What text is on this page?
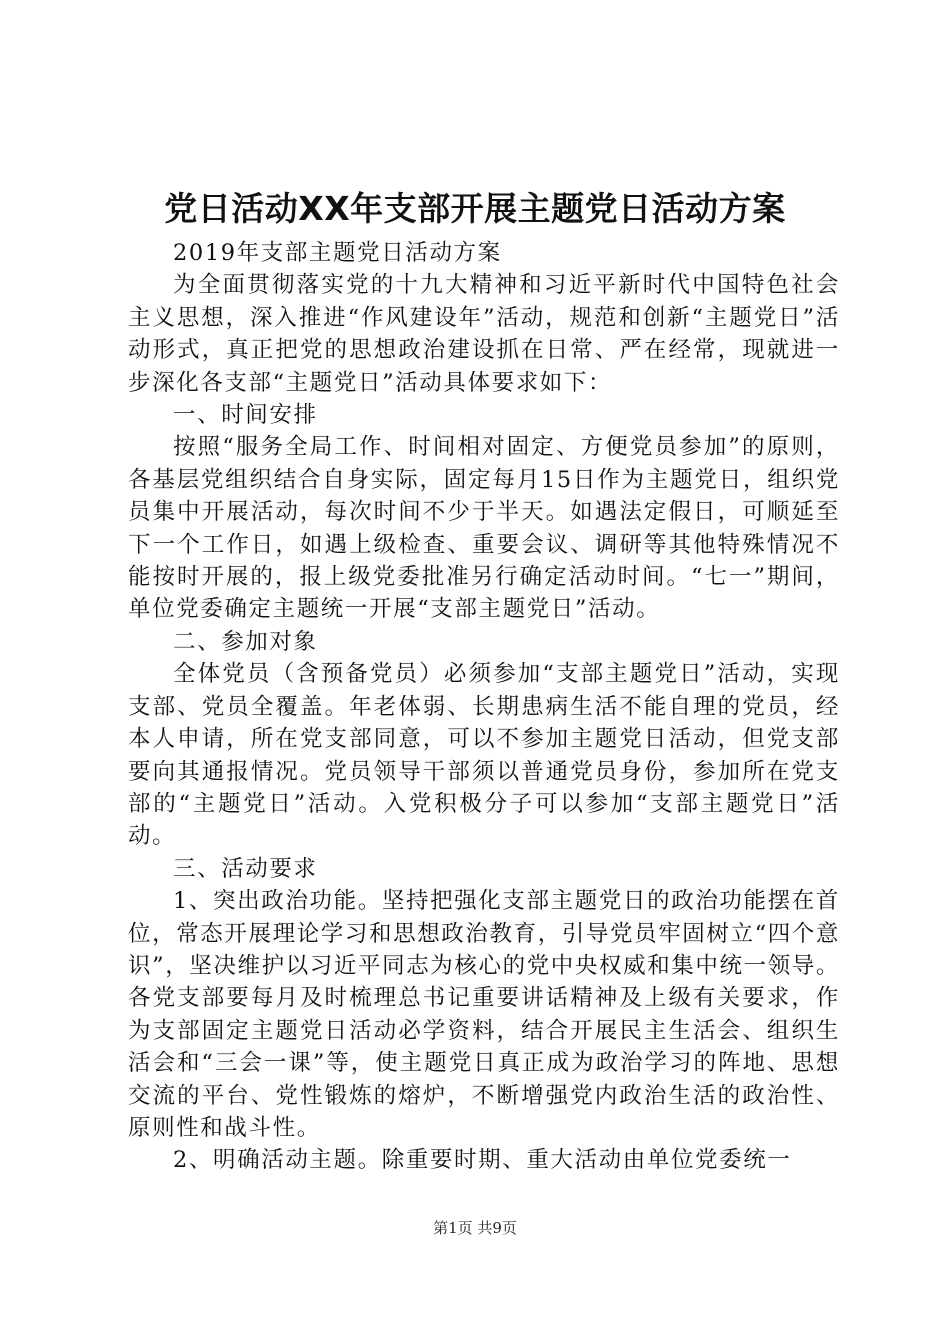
党日活动XX年支部开展主题党日活动方案

2019年支部主题党日活动方案

为全面贯彻落实党的十九大精神和习近平新时代中国特色社会主义思想，深入推进“作风建设年”活动，规范和创新“主题党日”活动形式，真正把党的思想政治建设抓在日常、严在经常，现就进一步深化各支部“主题党日”活动具体要求如下：

一、时间安排

按照“服务全局工作、时间相对固定、方便党员参加”的原则，各基层党组织结合自身实际，固定每月15日作为主题党日，组织党员集中开展活动，每次时间不少于半天。如遇法定假日，可顺延至下一个工作日，如遇上级检查、重要会议、调研等其他特殊情况不能按时开展的，报上级党委批准另行确定活动时间。“七一”期间，单位党委确定主题统一开展“支部主题党日”活动。

二、参加对象

全体党员（含预备党员）必须参加“支部主题党日”活动，实现支部、党员全覆盖。年老体弱、长期患病生活不能自理的党员，经本人申请，所在党支部同意，可以不参加主题党日活动，但党支部要向其通报情况。党员领导干部须以普通党员身份，参加所在党支部的“主题党日”活动。入党积极分子可以参加“支部主题党日”活动。

三、活动要求

1、突出政治功能。坚持把强化支部主题党日的政治功能摆在首位，常态开展理论学习和思想政治教育，引导党员牢固树立“四个意识”，坚决维护以习近平同志为核心的党中央权威和集中统一领导。各党支部要每月及时梳理总书记重要讲话精神及上级有关要求，作为支部固定主题党日活动必学资料，结合开展民主生活会、组织生活会和“三会一课”等，使主题党日真正成为政治学习的阵地、思想交流的平台、党性锻炼的熔炉，不断增强党内政治生活的政治性、原则性和战斗性。

2、明确活动主题。除重要时期、重大活动由单位党委统一

第1页 共9页
